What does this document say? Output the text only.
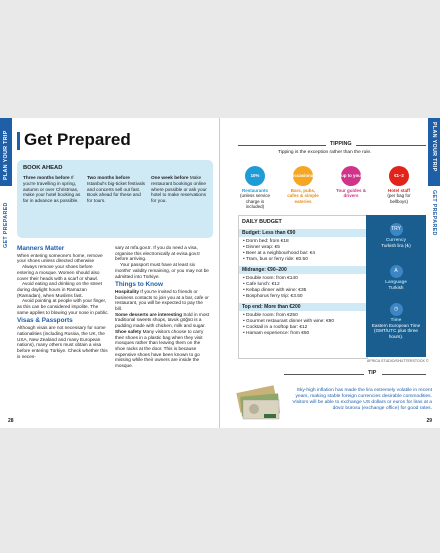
PLAN YOUR TRIP
GET PREPARED
Get Prepared
BOOK AHEAD
Three months before If you're travelling in spring, autumn or over Christmas, make your hotel booking as far in advance as possible.
Two months before Istanbul's big-ticket festivals and concerts sell out fast. Book ahead for these and for tours.
One week before Make restaurant bookings online where possible or ask your hotel to make reservations for you.
Manners Matter

When entering someone's home, remove your shoes unless directed otherwise

Always remove your shoes before entering a mosque. Women should also cover their heads with a scarf or shawl.

Avoid eating and drinking on the street during daylight hours in Ramazan (Ramadan), when Muslims fast.

Avoid pointing at people with your finger, as this can be considered impolite. The same applies to blowing your nose in public.

Visas & Passports

Although visas are not necessary for some nationalities (including Russia, the UK, the USA, New Zealand and many European nations), many others must obtain a visa before entering Türkiye. Check whether this is neces-

sary at mfa.gov.tr. If you do need a visa, organise this electronically at evisa.gov.tr before arriving.

Your passport must have at least six months' validity remaining, or you may not be admitted into Türkiye.

Things to Know

Hospitality If you're invited to friends or business contacts to join you at a bar, cafe or restaurant, you will be expected to pay the bill.

Some desserts are interesting Sold in most traditional sweets shops, tavuk göğsü is a pudding made with chicken, milk and sugar.

Shoe safety Many visitors choose to carry their shoes in a plastic bag when they visit mosques rather than leaving them on the shoe racks at the door. This is because expensive shoes have been known to go missing while their owners are inside the mosque.

28
PLAN YOUR TRIP
GET PREPARED
TIPPING
Tipping is the exception rather than the rule.
10%
Restaurants
(unless service charge is included)
occasional
Bars, pubs, cafes & simple eateries
up to you
Tour guides & drivers
€1–2
Hotel staff
(per bag for bellboys)
DAILY BUDGET
Budget: Less than €90
• Dorm bed: from €18
• Dinner wrap: €5
• Beer at a neighbourhood bar: €4
• Tram, bus or ferry ride: €0.50
Midrange: €90–200
• Double room: from €140
• Cafe lunch: €12
• Kebap dinner with wine: €35
• Bosphorus ferry trip: €3.50
Top end: More than €200
• Double room: from €250
• Gourmet restaurant dinner with wine: €90
• Cocktail in a rooftop bar: €12
• Hamam experience: from €50
TRY
Currency
Turkish lira (₺)
A
Language
Turkish
◷
Time
Eastern European Time (GMT/UTC plus three hours).
AFRICA STUDIO/SHUTTERSTOCK ©
TIP
Sky-high inflation has made the lira extremely volatile in recent years, making stable foreign currencies desirable commodities. Visitors will be able to exchange US dollars or euros for liras at a döviz bürosu (exchange office) for good rates.
29
